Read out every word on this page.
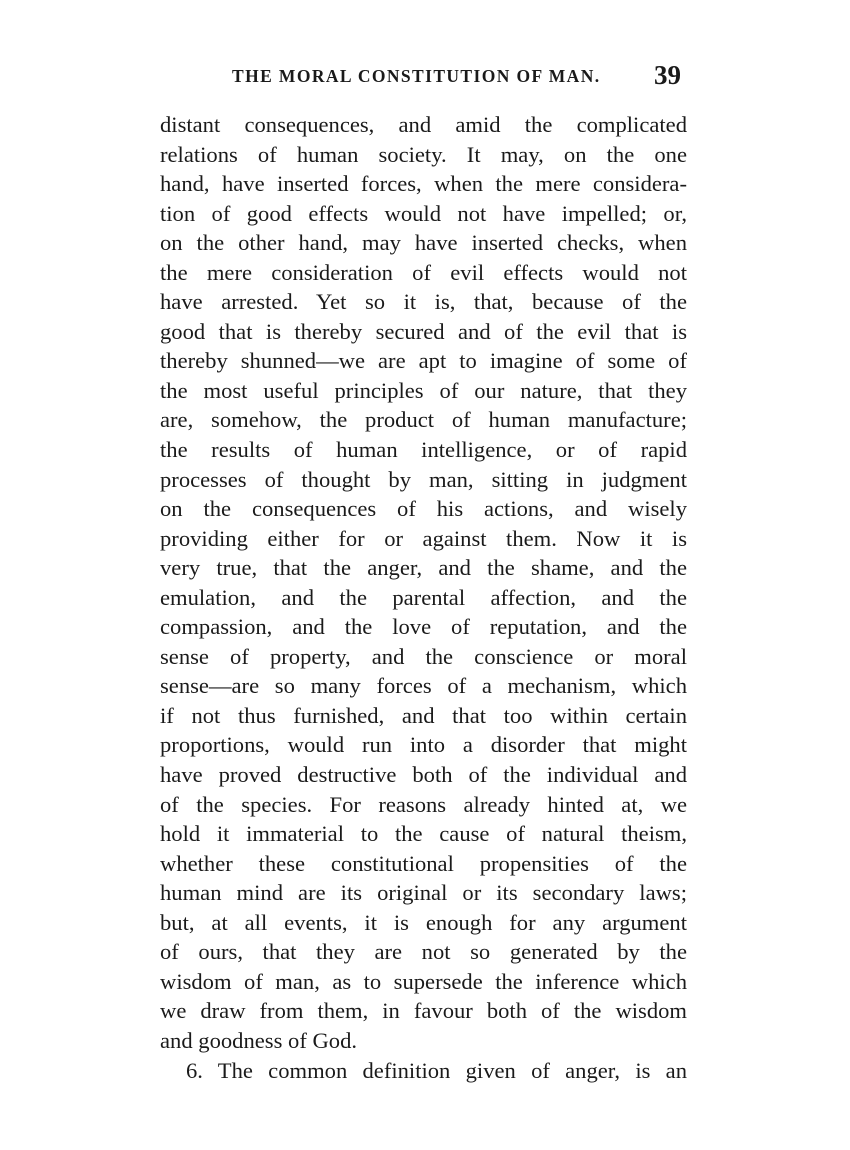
THE MORAL CONSTITUTION OF MAN. 39
distant consequences, and amid the complicated
relations of human society. It may, on the one
hand, have inserted forces, when the mere considera-
tion of good effects would not have impelled; or,
on the other hand, may have inserted checks, when
the mere consideration of evil effects would not
have arrested. Yet so it is, that, because of the
good that is thereby secured and of the evil that is
thereby shunned—we are apt to imagine of some of
the most useful principles of our nature, that they
are, somehow, the product of human manufacture;
the results of human intelligence, or of rapid
processes of thought by man, sitting in judgment
on the consequences of his actions, and wisely
providing either for or against them. Now it is
very true, that the anger, and the shame, and the
emulation, and the parental affection, and the
compassion, and the love of reputation, and the
sense of property, and the conscience or moral
sense—are so many forces of a mechanism, which
if not thus furnished, and that too within certain
proportions, would run into a disorder that might
have proved destructive both of the individual and
of the species. For reasons already hinted at, we
hold it immaterial to the cause of natural theism,
whether these constitutional propensities of the
human mind are its original or its secondary laws;
but, at all events, it is enough for any argument
of ours, that they are not so generated by the
wisdom of man, as to supersede the inference which
we draw from them, in favour both of the wisdom
and goodness of God.
6. The common definition given of anger, is an
